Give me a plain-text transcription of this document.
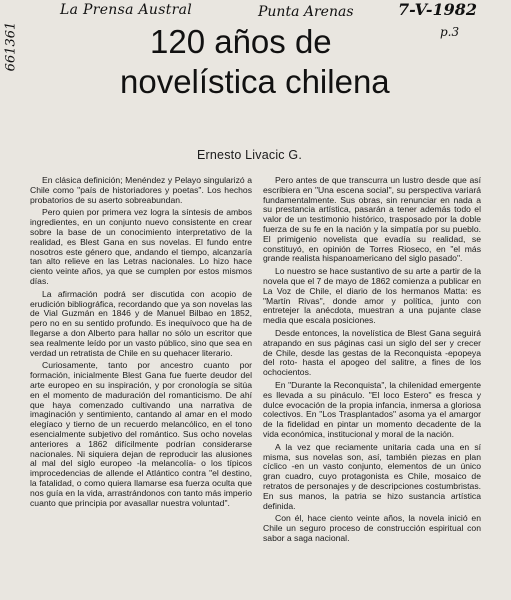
La Prensa Austral	Punta Arenas	7-V-1982
p.3
661361	120 años de
novelística chilena
Ernesto Livacic G.

En clásica definición; Menéndez y Pelayo singularizó a Chile como "país de historiadores y poetas". Los hechos probatorios de su aserto sobreabundan.

Pero quien por primera vez logra la síntesis de ambos ingredientes, en un conjunto nuevo consistente en crear sobre la base de un conocimiento interpretativo de la realidad, es Blest Gana en sus novelas. El fundo entre nosotros este género que, andando el tiempo, alcanzaría tan alto relieve en las Letras nacionales. Lo hizo hace ciento veinte años, ya que se cumplen por estos mismos días.

La afirmación podrá ser discutida con acopio de erudición bibliográfica, recordando que ya son novelas las de Vial Guzmán en 1846 y de Manuel Bilbao en 1852, pero no en su sentido profundo. Es inequívoco que ha de llegarse a don Alberto para hallar no sólo un escritor que sea realmente leído por un vasto público, sino que sea en verdad un retratista de Chile en su quehacer literario.

Curiosamente, tanto por ancestro cuanto por formación, inicialmente Blest Gana fue fuerte deudor del arte europeo en su inspiración, y por cronología se sitúa en el momento de maduración del romanticismo. De ahí que haya comenzado cultivando una narrativa de imaginación y sentimiento, cantando al amar en el modo elegíaco y tierno de un recuerdo melancólico, en el tono esencialmente subjetivo del romántico. Sus ocho novelas anteriores a 1862 difícilmente podrían considerarse nacionales. Ni siquiera dejan de reproducir las alusiones al mal del siglo europeo -la melancolía- o los típicos improcedencias de allende el Atlántico contra "el destino, la fatalidad, o como quiera llamarse esa fuerza oculta que nos guía en la vida, arrastrándonos con tanto más imperio cuanto que principia por avasallar nuestra voluntad".

Pero antes de que transcurra un lustro desde que así escribiera en "Una escena social", su perspectiva variará fundamentalmente. Sus obras, sin renunciar en nada a su prestancia artística, pasarán a tener además todo el valor de un testimonio histórico, trasposado por la doble fuerza de su fe en la nación y la simpatía por su pueblo. El primigenio novelista que evadía su realidad, se constituyó, en opinión de Torres Rioseco, en "el más grande realista hispanoamericano del siglo pasado".

Lo nuestro se hace sustantivo de su arte a partir de la novela que el 7 de mayo de 1862 comienza a publicar en La Voz de Chile, el diario de los hermanos Matta: es "Martín Rivas", donde amor y política, junto con entretejer la anécdota, muestran a una pujante clase media que escala posiciones.

Desde entonces, la novelística de Blest Gana seguirá atrapando en sus páginas casi un siglo del ser y crecer de Chile, desde las gestas de la Reconquista -epopeya del roto- hasta el apogeo del salitre, a fines de los ochocientos.

En "Durante la Reconquista", la chilenidad emergente es llevada a su pináculo. "El loco Estero" es fresca y dulce evocación de la propia infancia, inmersa a gloriosa colectivos. En "Los Trasplantados" asoma ya el amargor de la fidelidad en pintar un momento decadente de la vida económica, institucional y moral de la nación.

A la vez que reciamente unitaria cada una en sí misma, sus novelas son, así, también piezas en plan cíclico -en un vasto conjunto, elementos de un único gran cuadro, cuyo protagonista es Chile, mosaico de retratos de personajes y de descripciones costumbristas. En sus manos, la patria se hizo sustancia artística definida.

Con él, hace ciento veinte años, la novela inició en Chile un seguro proceso de construcción espiritual con sabor a saga nacional.
